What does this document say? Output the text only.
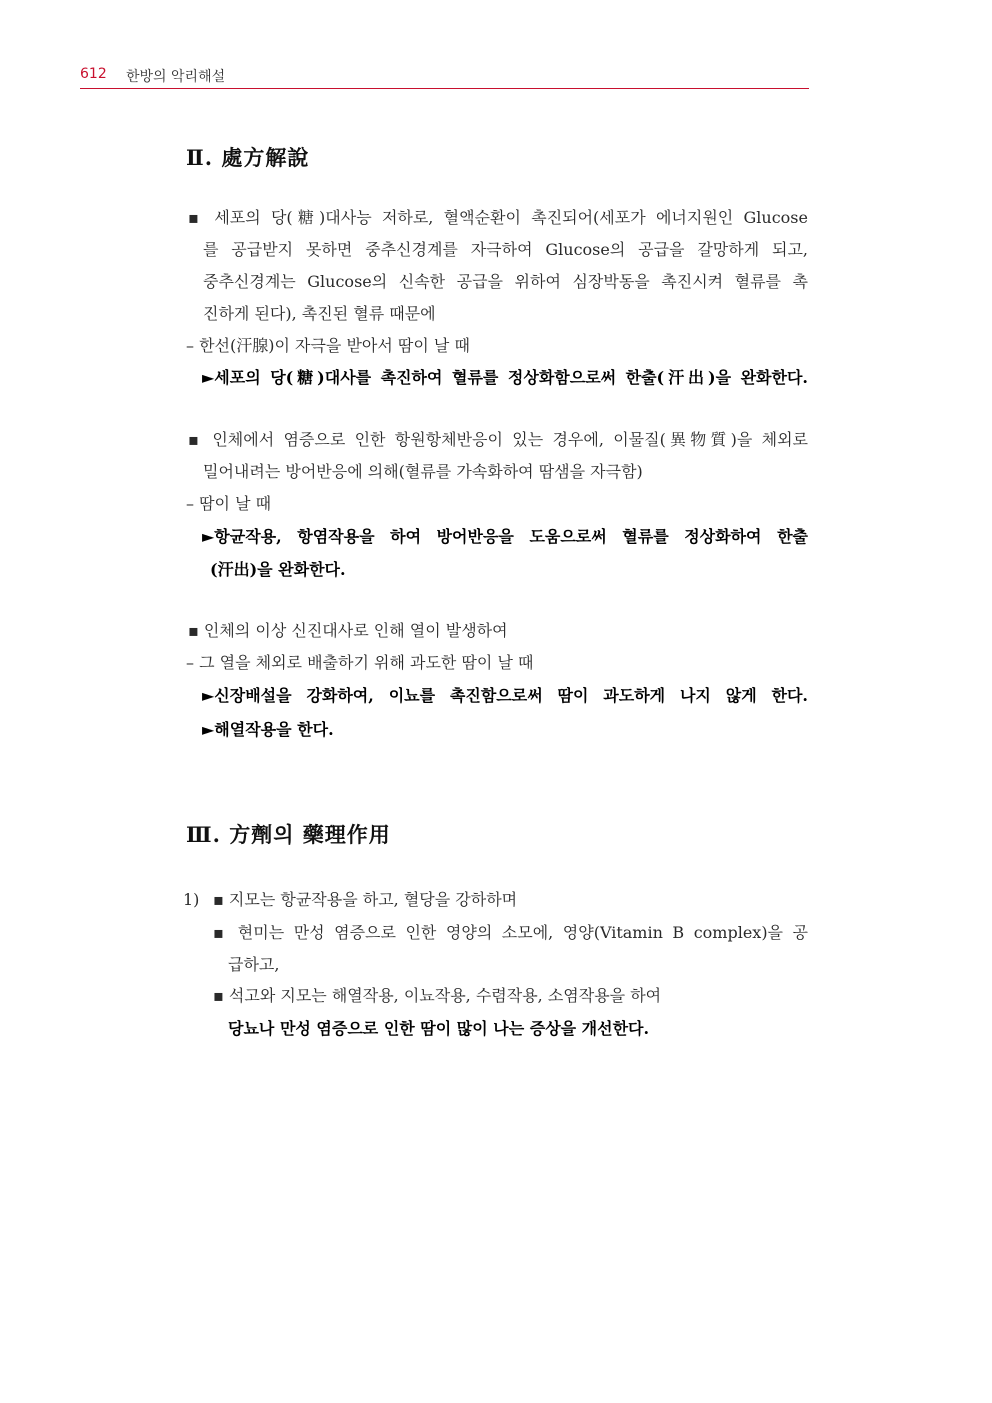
612 한방의 악리해설
Ⅱ. 處方解說
▪ 세포의 당(糖)대사능 저하로, 혈액순환이 촉진되어(세포가 에너지원인 Glucose
를 공급받지 못하면 중추신경계를 자극하여 Glucose의 공급을 갈망하게 되고,
중추신경계는 Glucose의 신속한 공급을 위하여 심장박동을 촉진시켜 혈류를 촉
진하게 된다), 촉진된 혈류 때문에
– 한선(汗腺)이 자극을 받아서 땀이 날 때
►세포의 당(糖)대사를 촉진하여 혈류를 정상화함으로써 한출(汗出)을 완화한다.
▪ 인체에서 염증으로 인한 항원항체반응이 있는 경우에, 이물질(異物質)을 체외로
밀어내려는 방어반응에 의해(혈류를 가속화하여 땀샘을 자극함)
– 땀이 날 때
►항균작용, 항염작용을 하여 방어반응을 도움으로써 혈류를 정상화하여 한출
(汗出)을 완화한다.
▪ 인체의 이상 신진대사로 인해 열이 발생하여
– 그 열을 체외로 배출하기 위해 과도한 땀이 날 때
►신장배설을 강화하여, 이뇨를 촉진함으로써 땀이 과도하게 나지 않게 한다.
►해열작용을 한다.
Ⅲ. 方劑의 藥理作用
1) ▪ 지모는 항균작용을 하고, 혈당을 강하하며
▪ 현미는 만성 염증으로 인한 영양의 소모에, 영양(Vitamin B complex)을 공
급하고,
▪ 석고와 지모는 해열작용, 이뇨작용, 수렴작용, 소염작용을 하여
당뇨나 만성 염증으로 인한 땀이 많이 나는 증상을 개선한다.
